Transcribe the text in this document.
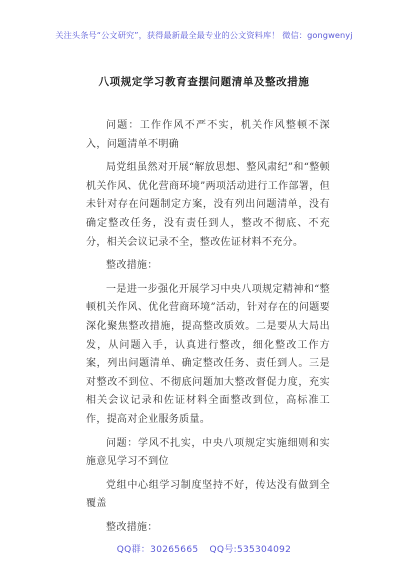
关注头条号“公文研究”，获得最新最全最专业的公文资料库！ 微信：gongwenyj
八项规定学习教育查摆问题清单及整改措施

问题：工作作风不严不实，机关作风整顿不深入，问题清单不明确

局党组虽然对开展“解放思想、整风肃纪”和“整顿机关作风、优化营商环境”两项活动进行工作部署，但未针对存在问题制定方案，没有列出问题清单，没有确定整改任务，没有责任到人，整改不彻底、不充分，相关会议记录不全，整改佐证材料不充分。

整改措施：

一是进一步强化开展学习中央八项规定精神和“整顿机关作风、优化营商环境”活动，针对存在的问题要深化聚焦整改措施，提高整改质效。二是要从大局出发，从问题入手，认真进行整改，细化整改工作方案，列出问题清单、确定整改任务、责任到人。三是对整改不到位、不彻底问题加大整改督促力度，充实相关会议记录和佐证材料全面整改到位，高标准工作，提高对企业服务质量。

问题：学风不扎实，中央八项规定实施细则和实施意见学习不到位

党组中心组学习制度坚持不好，传达没有做到全覆盖

整改措施：

QQ群：30265665 QQ号:535304092
